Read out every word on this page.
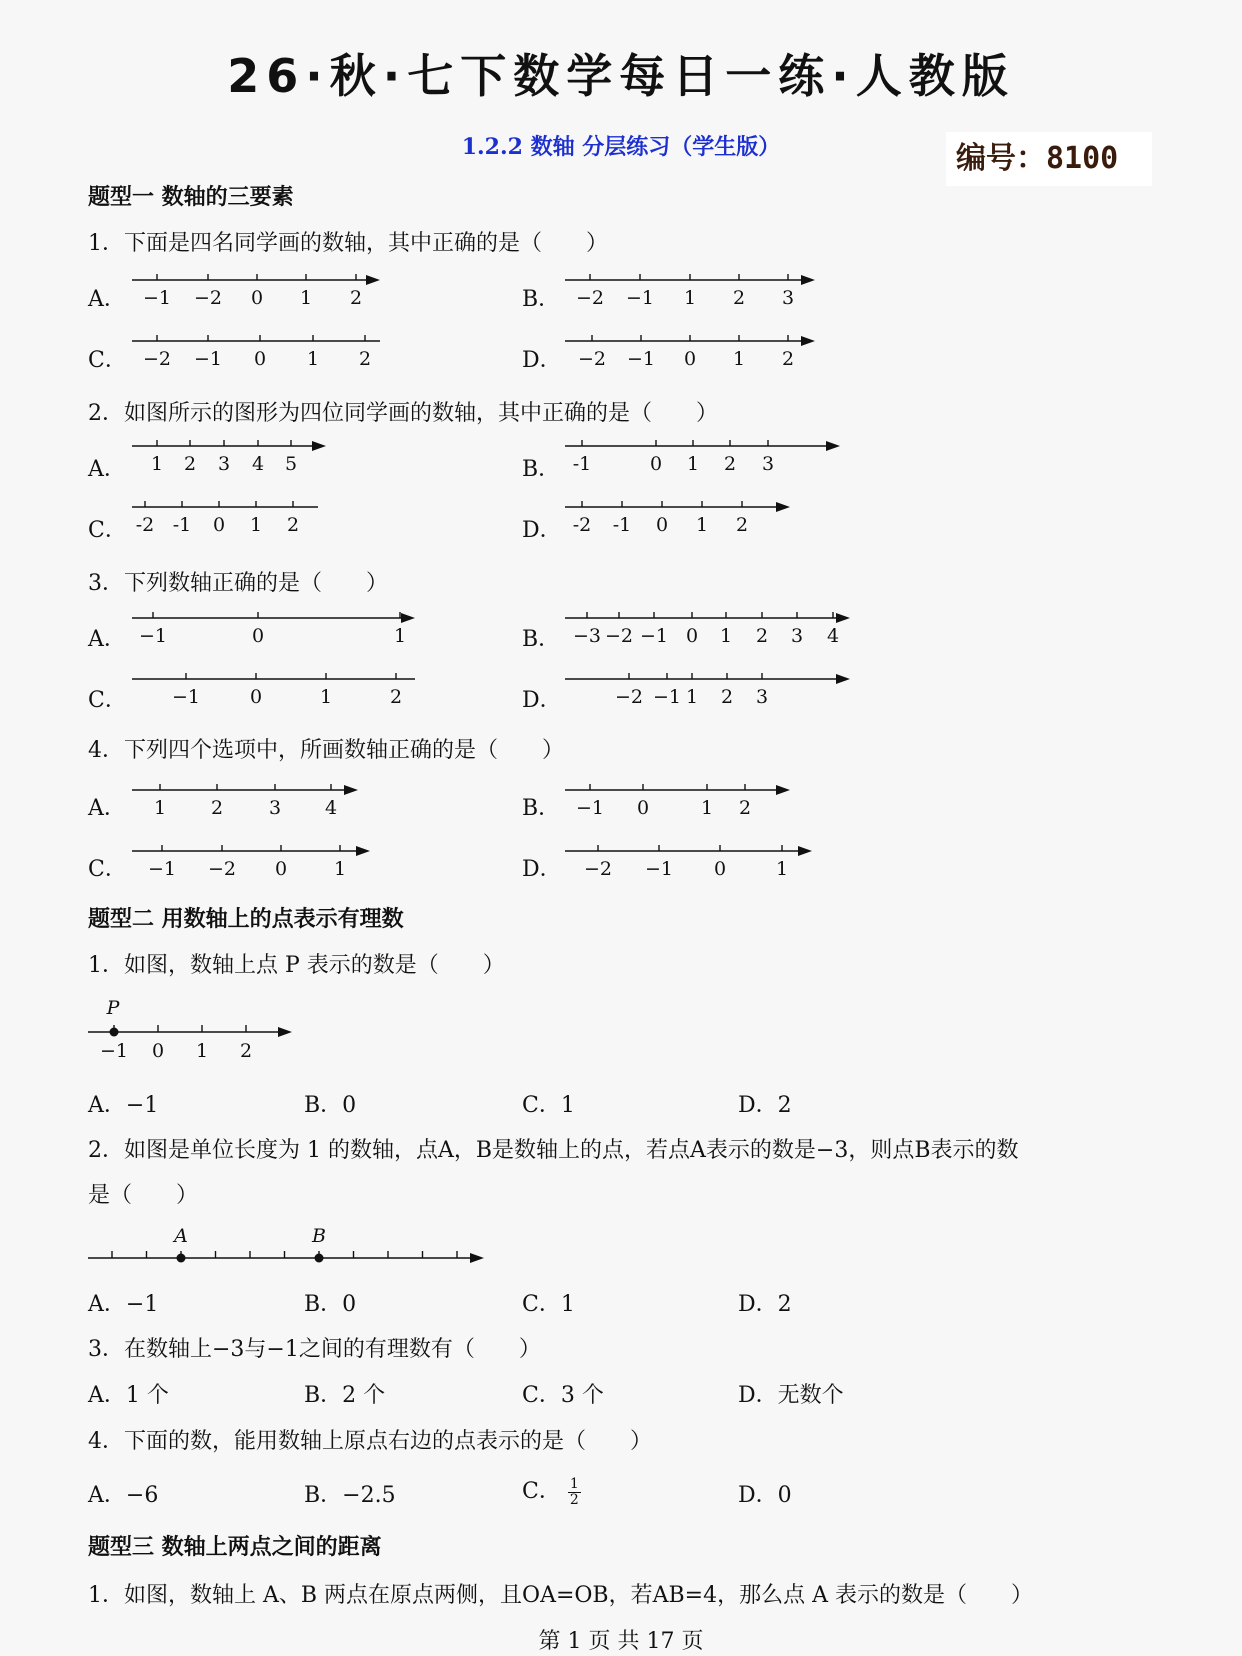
26·秋·七下数学每日一练·人教版
1.2.2 数轴 分层练习（学生版）	编号：8100
题型一 数轴的三要素
1．下面是四名同学画的数轴，其中正确的是（　　）
A． −1 −2 0 1 2	B． −2 −1 1 2 3
C． −2 −1 0 1 2	D． −2 −1 0 1 2
2．如图所示的图形为四位同学画的数轴，其中正确的是（　　）
A． 1 2 3 4 5	B． -1	0 1 2 3
C． -2 -1 0 1 2	D． -2 -1 0 1 2
3．下列数轴正确的是（　　）
A． −1	0	1	B． −3 −2 −1 0 1 2 3 4
C． −1	0	1	2	D．	−2 −1 1 2 3
4．下列四个选项中，所画数轴正确的是（　　）
A． 1 2 3 4	B． −1 0	1 2
C． −1 −2 0 1	D． −2 −1 0	1
题型二 用数轴上的点表示有理数
1．如图，数轴上点 P 表示的数是（　　）
−1 0 1 2
P
A．−1	B．0	C．1	D．2
2．如图是单位长度为 1 的数轴，点A，B是数轴上的点，若点A表示的数是−3，则点B表示的数
是（　　）
A	B
A．−1	B．0	C．1	D．2
3．在数轴上−3与−1之间的有理数有（　　）
A．1 个	B．2 个	C．3 个	D．无数个
4．下面的数，能用数轴上原点右边的点表示的是（　　）
A．−6	B．−2.5	C． $\frac{1}{2}$	D．0
题型三 数轴上两点之间的距离
1．如图，数轴上 A、B 两点在原点两侧，且OA=OB，若AB=4，那么点 A 表示的数是（　　）
第 1 页 共 17 页
